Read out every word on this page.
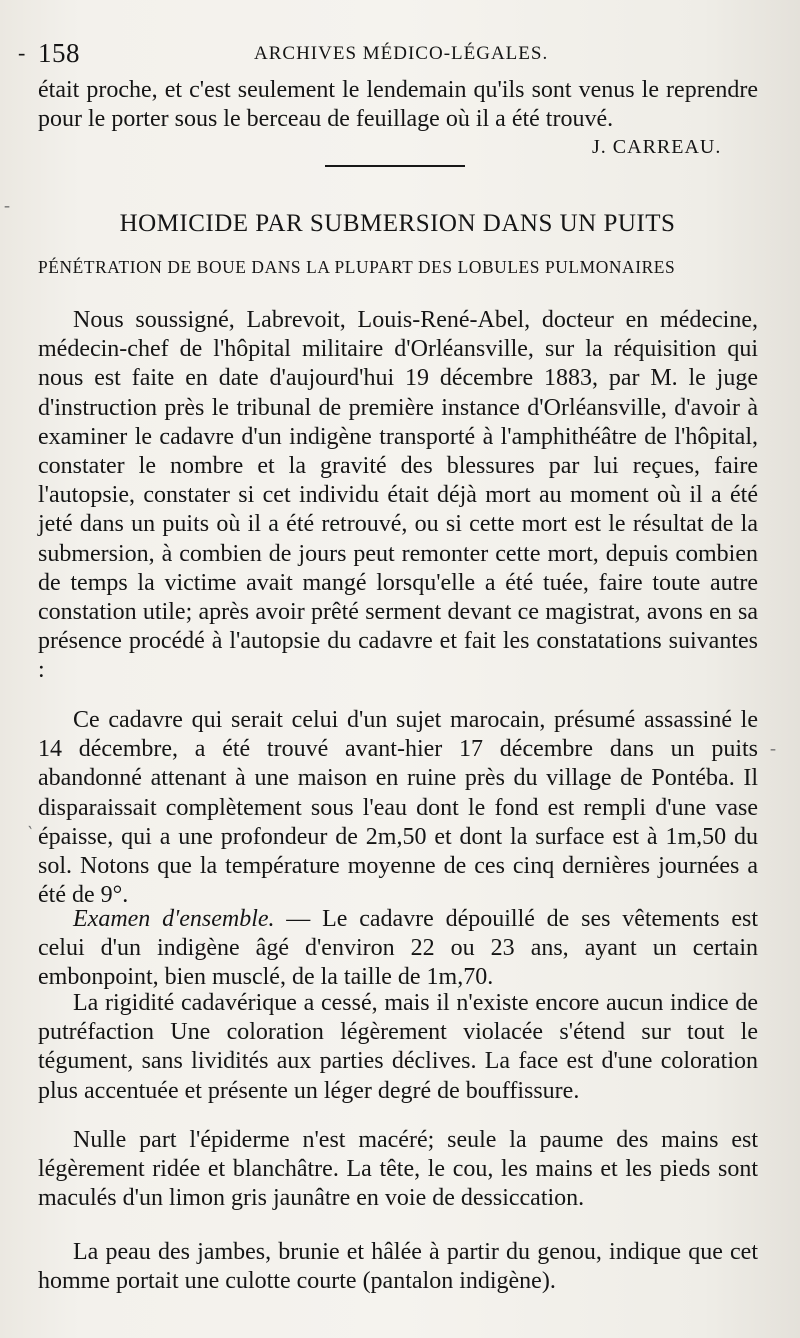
- 158	ARCHIVES MÉDICO-LÉGALES.
était proche, et c'est seulement le lendemain qu'ils sont venus le reprendre pour le porter sous le berceau de feuillage où il a été trouvé.
J. CARREAU.
HOMICIDE PAR SUBMERSION DANS UN PUITS
PÉNÉTRATION DE BOUE DANS LA PLUPART DES LOBULES PULMONAIRES
Nous soussigné, Labrevoit, Louis-René-Abel, docteur en médecine, médecin-chef de l'hôpital militaire d'Orléansville, sur la réquisition qui nous est faite en date d'aujourd'hui 19 décembre 1883, par M. le juge d'instruction près le tribunal de première instance d'Orléansville, d'avoir à examiner le cadavre d'un indigène transporté à l'amphithéâtre de l'hôpital, constater le nombre et la gravité des blessures par lui reçues, faire l'autopsie, constater si cet individu était déjà mort au moment où il a été jeté dans un puits où il a été retrouvé, ou si cette mort est le résultat de la submersion, à combien de jours peut remonter cette mort, depuis combien de temps la victime avait mangé lorsqu'elle a été tuée, faire toute autre constation utile; après avoir prêté serment devant ce magistrat, avons en sa présence procédé à l'autopsie du cadavre et fait les constatations suivantes :
Ce cadavre qui serait celui d'un sujet marocain, présumé assassiné le 14 décembre, a été trouvé avant-hier 17 décembre dans un puits abandonné attenant à une maison en ruine près du village de Pontéba. Il disparaissait complètement sous l'eau dont le fond est rempli d'une vase épaisse, qui a une profondeur de 2m,50 et dont la surface est à 1m,50 du sol. Notons que la température moyenne de ces cinq dernières journées a été de 9°.
Examen d'ensemble. — Le cadavre dépouillé de ses vêtements est celui d'un indigène âgé d'environ 22 ou 23 ans, ayant un certain embonpoint, bien musclé, de la taille de 1m,70.
La rigidité cadavérique a cessé, mais il n'existe encore aucun indice de putréfaction Une coloration légèrement violacée s'étend sur tout le tégument, sans lividités aux parties déclives. La face est d'une coloration plus accentuée et présente un léger degré de bouffissure.
Nulle part l'épiderme n'est macéré; seule la paume des mains est légèrement ridée et blanchâtre. La tête, le cou, les mains et les pieds sont maculés d'un limon gris jaunâtre en voie de dessiccation.
La peau des jambes, brunie et hâlée à partir du genou, indique que cet homme portait une culotte courte (pantalon indigène).
-
‵
-
